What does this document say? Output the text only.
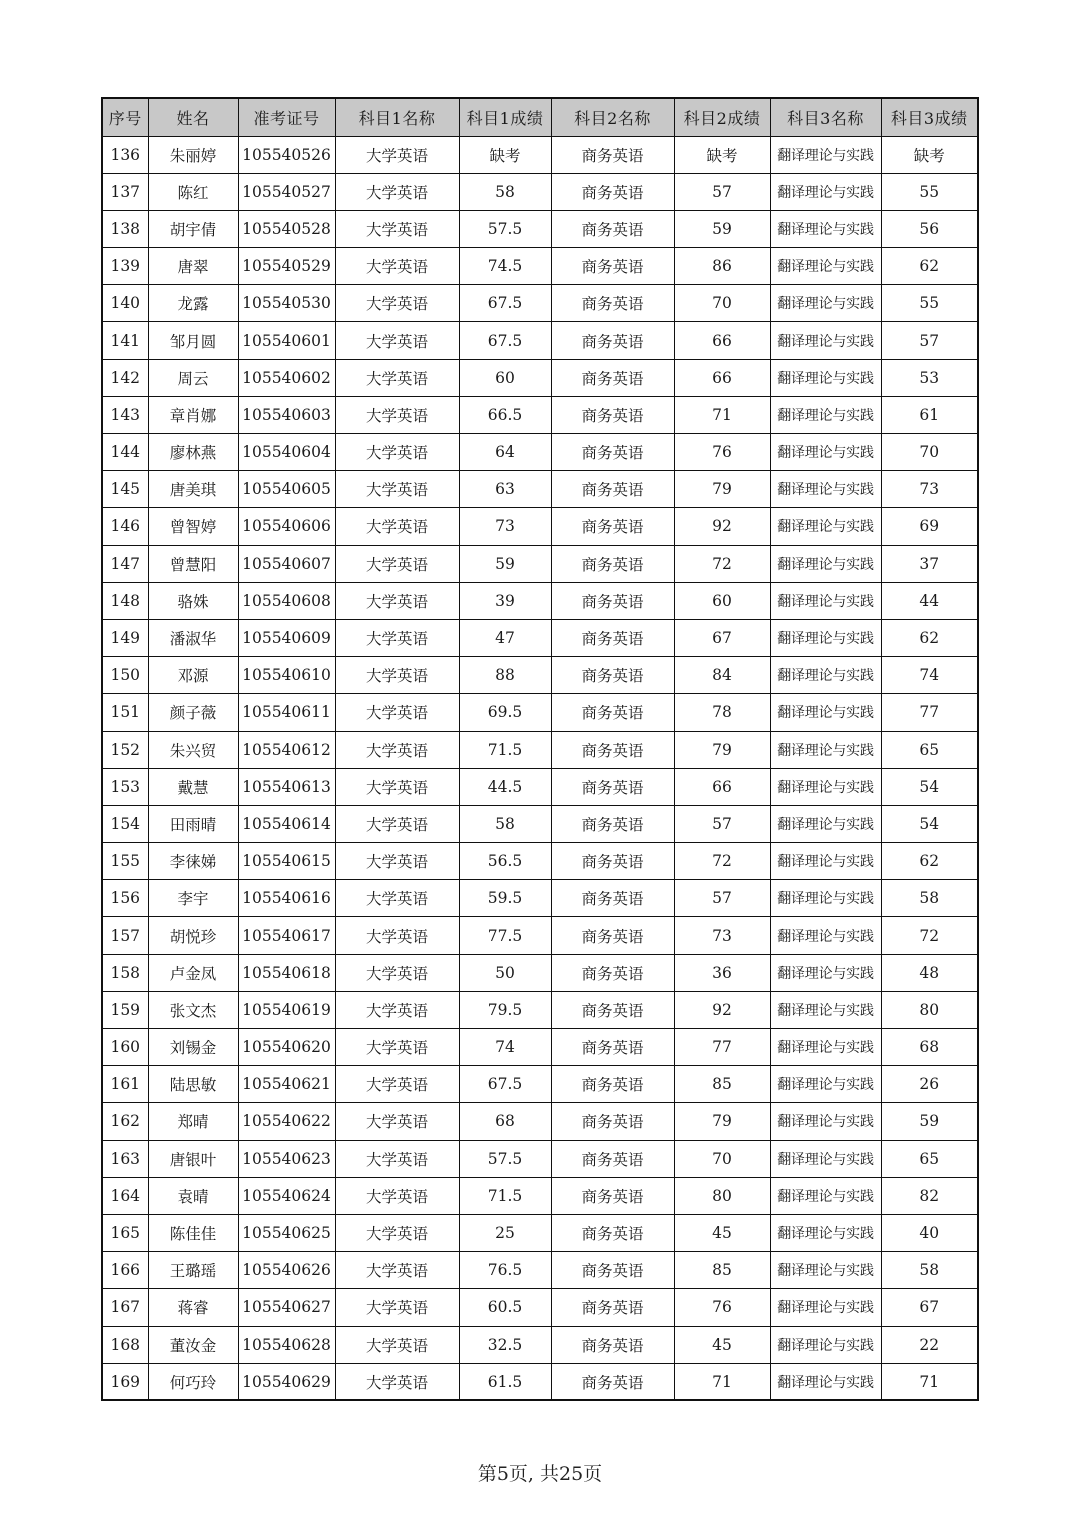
序号	姓名	准考证号	科目1名称	科目1成绩	科目2名称	科目2成绩	科目3名称	科目3成绩
136	朱丽婷	105540526	大学英语	缺考	商务英语	缺考	翻译理论与实践	缺考
137	陈红	105540527	大学英语	58	商务英语	57	翻译理论与实践	55
138	胡宇倩	105540528	大学英语	57.5	商务英语	59	翻译理论与实践	56
139	唐翠	105540529	大学英语	74.5	商务英语	86	翻译理论与实践	62
140	龙露	105540530	大学英语	67.5	商务英语	70	翻译理论与实践	55
141	邹月圆	105540601	大学英语	67.5	商务英语	66	翻译理论与实践	57
142	周云	105540602	大学英语	60	商务英语	66	翻译理论与实践	53
143	章肖娜	105540603	大学英语	66.5	商务英语	71	翻译理论与实践	61
144	廖林燕	105540604	大学英语	64	商务英语	76	翻译理论与实践	70
145	唐美琪	105540605	大学英语	63	商务英语	79	翻译理论与实践	73
146	曾智婷	105540606	大学英语	73	商务英语	92	翻译理论与实践	69
147	曾慧阳	105540607	大学英语	59	商务英语	72	翻译理论与实践	37
148	骆姝	105540608	大学英语	39	商务英语	60	翻译理论与实践	44
149	潘淑华	105540609	大学英语	47	商务英语	67	翻译理论与实践	62
150	邓源	105540610	大学英语	88	商务英语	84	翻译理论与实践	74
151	颜子薇	105540611	大学英语	69.5	商务英语	78	翻译理论与实践	77
152	朱兴贸	105540612	大学英语	71.5	商务英语	79	翻译理论与实践	65
153	戴慧	105540613	大学英语	44.5	商务英语	66	翻译理论与实践	54
154	田雨晴	105540614	大学英语	58	商务英语	57	翻译理论与实践	54
155	李徕娣	105540615	大学英语	56.5	商务英语	72	翻译理论与实践	62
156	李宇	105540616	大学英语	59.5	商务英语	57	翻译理论与实践	58
157	胡悦珍	105540617	大学英语	77.5	商务英语	73	翻译理论与实践	72
158	卢金凤	105540618	大学英语	50	商务英语	36	翻译理论与实践	48
159	张文杰	105540619	大学英语	79.5	商务英语	92	翻译理论与实践	80
160	刘锡金	105540620	大学英语	74	商务英语	77	翻译理论与实践	68
161	陆思敏	105540621	大学英语	67.5	商务英语	85	翻译理论与实践	26
162	郑晴	105540622	大学英语	68	商务英语	79	翻译理论与实践	59
163	唐银叶	105540623	大学英语	57.5	商务英语	70	翻译理论与实践	65
164	袁晴	105540624	大学英语	71.5	商务英语	80	翻译理论与实践	82
165	陈佳佳	105540625	大学英语	25	商务英语	45	翻译理论与实践	40
166	王璐瑶	105540626	大学英语	76.5	商务英语	85	翻译理论与实践	58
167	蒋睿	105540627	大学英语	60.5	商务英语	76	翻译理论与实践	67
168	董汝金	105540628	大学英语	32.5	商务英语	45	翻译理论与实践	22
169	何巧玲	105540629	大学英语	61.5	商务英语	71	翻译理论与实践	71
第5页, 共25页
